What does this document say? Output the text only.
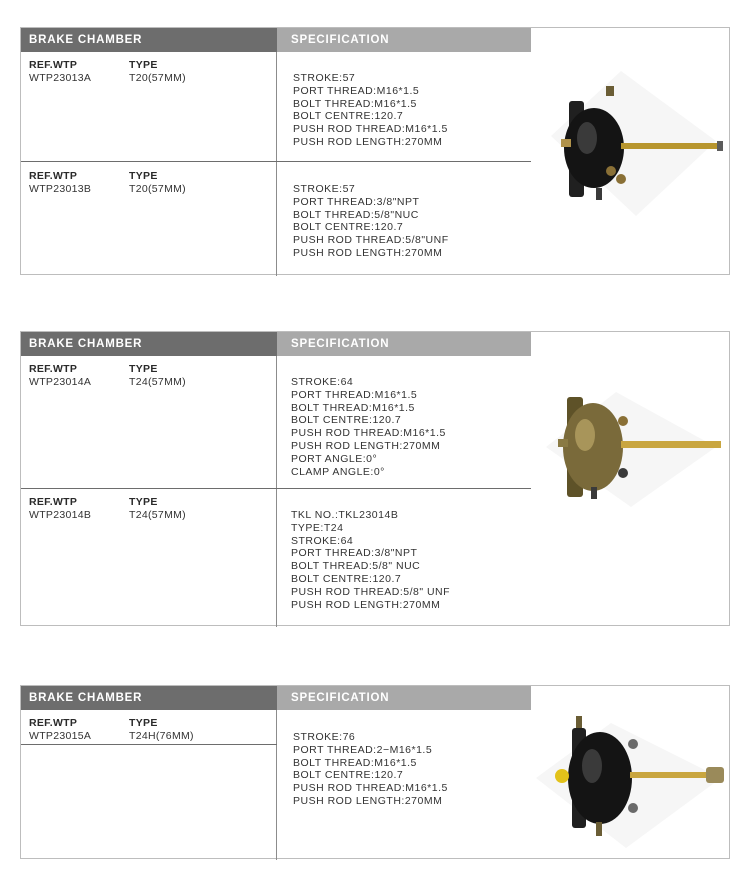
BRAKE CHAMBER	SPECIFICATION
REF.WTP	TYPE
WTP23013A	T20(57MM)	STROKE:57
PORT THREAD:M16*1.5
BOLT THREAD:M16*1.5
BOLT CENTRE:120.7
PUSH ROD THREAD:M16*1.5
PUSH ROD LENGTH:270MM
REF.WTP	TYPE
WTP23013B	T20(57MM)	STROKE:57
PORT THREAD:3/8"NPT
BOLT THREAD:5/8"NUC
BOLT CENTRE:120.7
PUSH ROD THREAD:5/8"UNF
PUSH ROD LENGTH:270MM
BRAKE CHAMBER	SPECIFICATION
REF.WTP	TYPE
WTP23014A	T24(57MM)	STROKE:64
PORT THREAD:M16*1.5
BOLT THREAD:M16*1.5
BOLT CENTRE:120.7
PUSH ROD THREAD:M16*1.5
PUSH ROD LENGTH:270MM
PORT ANGLE:0°
CLAMP ANGLE:0°
REF.WTP	TYPE
WTP23014B	T24(57MM)	TKL NO.:TKL23014B
TYPE:T24
STROKE:64
PORT THREAD:3/8"NPT
BOLT THREAD:5/8" NUC
BOLT CENTRE:120.7
PUSH ROD THREAD:5/8" UNF
PUSH ROD LENGTH:270MM
BRAKE CHAMBER	SPECIFICATION
REF.WTP	TYPE
WTP23015A	T24H(76MM)	STROKE:76
PORT THREAD:2−M16*1.5
BOLT THREAD:M16*1.5
BOLT CENTRE:120.7
PUSH ROD THREAD:M16*1.5
PUSH ROD LENGTH:270MM
